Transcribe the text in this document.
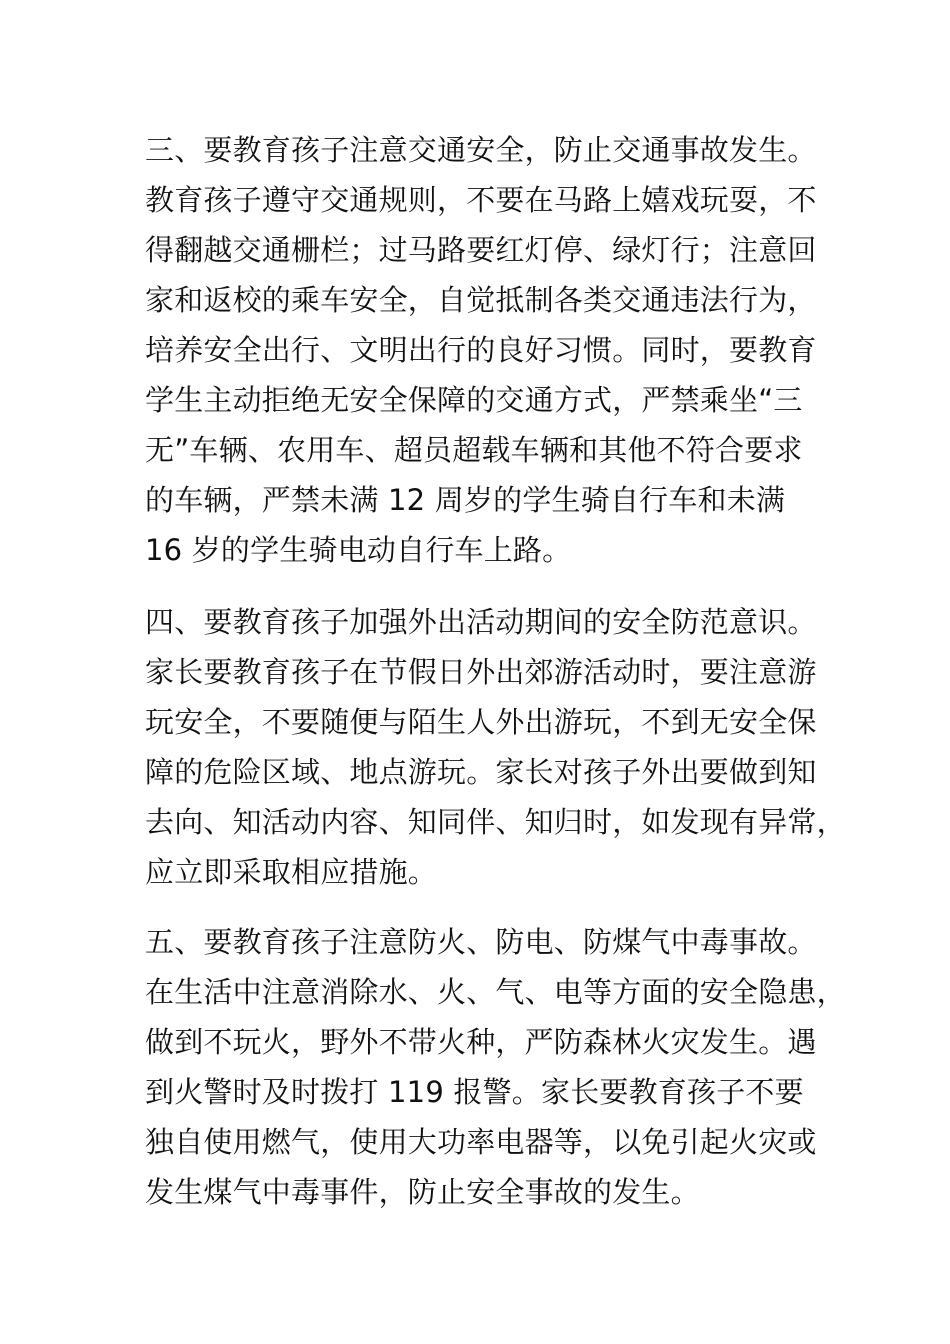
三、要教育孩子注意交通安全，防止交通事故发生。
教育孩子遵守交通规则，不要在马路上嬉戏玩耍，不
得翻越交通栅栏；过马路要红灯停、绿灯行；注意回
家和返校的乘车安全，自觉抵制各类交通违法行为，
培养安全出行、文明出行的良好习惯。同时，要教育
学生主动拒绝无安全保障的交通方式，严禁乘坐“三
无”车辆、农用车、超员超载车辆和其他不符合要求
的车辆，严禁未满 12 周岁的学生骑自行车和未满
16 岁的学生骑电动自行车上路。
四、要教育孩子加强外出活动期间的安全防范意识。
家长要教育孩子在节假日外出郊游活动时，要注意游
玩安全，不要随便与陌生人外出游玩，不到无安全保
障的危险区域、地点游玩。家长对孩子外出要做到知
去向、知活动内容、知同伴、知归时，如发现有异常，
应立即采取相应措施。
五、要教育孩子注意防火、防电、防煤气中毒事故。
在生活中注意消除水、火、气、电等方面的安全隐患，
做到不玩火，野外不带火种，严防森林火灾发生。遇
到火警时及时拨打 119 报警。家长要教育孩子不要
独自使用燃气，使用大功率电器等，以免引起火灾或
发生煤气中毒事件，防止安全事故的发生。
